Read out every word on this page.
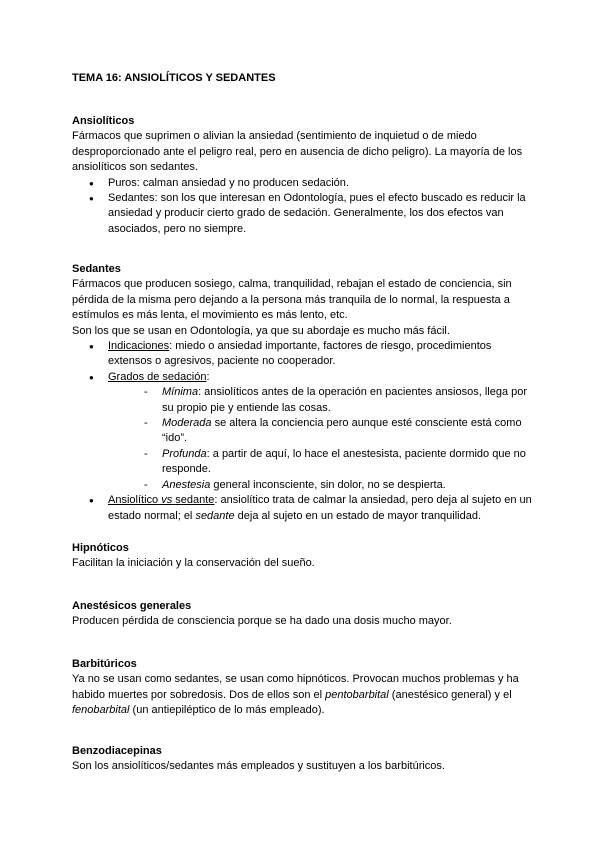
TEMA 16: ANSIOLÍTICOS Y SEDANTES

Ansiolíticos

Fármacos que suprimen o alivian la ansiedad (sentimiento de inquietud o de miedo desproporcionado ante el peligro real, pero en ausencia de dicho peligro). La mayoría de los ansiolíticos son sedantes.

● Puros: calman ansiedad y no producen sedación.
● Sedantes: son los que interesan en Odontología, pues el efecto buscado es reducir la ansiedad y producir cierto grado de sedación. Generalmente, los dos efectos van asociados, pero no siempre.

Sedantes

Fármacos que producen sosiego, calma, tranquilidad, rebajan el estado de conciencia, sin pérdida de la misma pero dejando a la persona más tranquila de lo normal, la respuesta a estímulos es más lenta, el movimiento es más lento, etc.

Son los que se usan en Odontología, ya que su abordaje es mucho más fácil.

● Indicaciones: miedo o ansiedad importante, factores de riesgo, procedimientos extensos o agresivos, paciente no cooperador.
● Grados de sedación:
- Mínima: ansiolíticos antes de la operación en pacientes ansiosos, llega por su propio pie y entiende las cosas.
- Moderada se altera la conciencia pero aunque esté consciente está como “ido”.
- Profunda: a partir de aquí, lo hace el anestesista, paciente dormido que no responde.
- Anestesia general inconsciente, sin dolor, no se despierta.
● Ansiolítico vs sedante: ansiolítico trata de calmar la ansiedad, pero deja al sujeto en un estado normal; el sedante deja al sujeto en un estado de mayor tranquilidad.

Hipnóticos

Facilitan la iniciación y la conservación del sueño.

Anestésicos generales

Producen pérdida de consciencia porque se ha dado una dosis mucho mayor.

Barbitúricos

Ya no se usan como sedantes, se usan como hipnóticos. Provocan muchos problemas y ha habido muertes por sobredosis. Dos de ellos son el pentobarbital (anestésico general) y el fenobarbital (un antiepiléptico de lo más empleado).

Benzodiacepinas

Son los ansiolíticos/sedantes más empleados y sustituyen a los barbitúricos.
